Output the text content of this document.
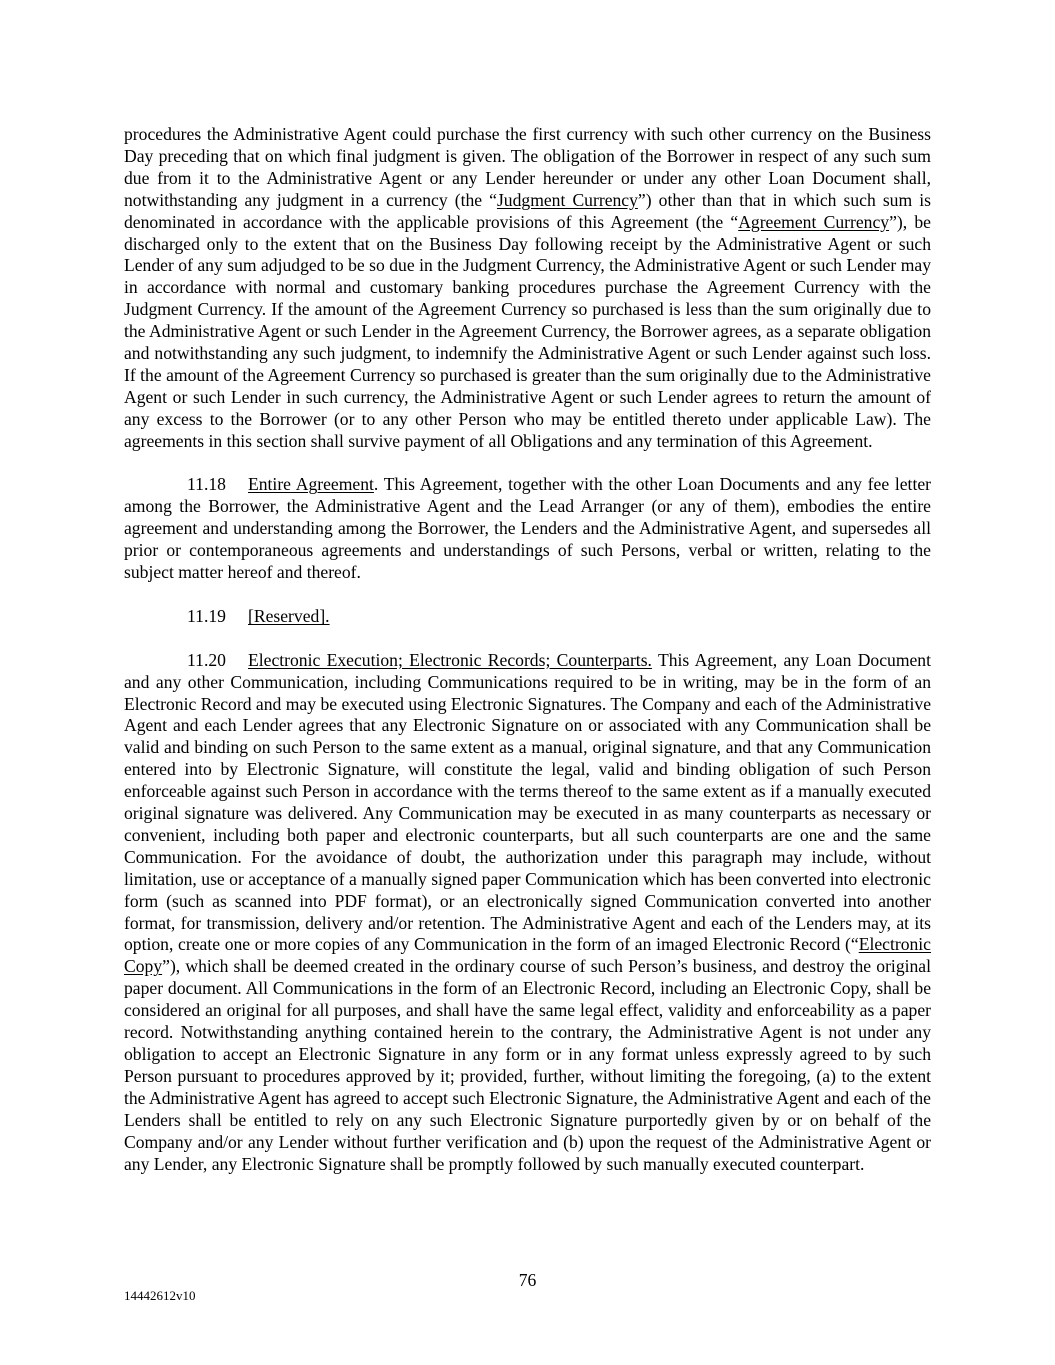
procedures the Administrative Agent could purchase the first currency with such other currency on the Business Day preceding that on which final judgment is given. The obligation of the Borrower in respect of any such sum due from it to the Administrative Agent or any Lender hereunder or under any other Loan Document shall, notwithstanding any judgment in a currency (the “Judgment Currency”) other than that in which such sum is denominated in accordance with the applicable provisions of this Agreement (the “Agreement Currency”), be discharged only to the extent that on the Business Day following receipt by the Administrative Agent or such Lender of any sum adjudged to be so due in the Judgment Currency, the Administrative Agent or such Lender may in accordance with normal and customary banking procedures purchase the Agreement Currency with the Judgment Currency. If the amount of the Agreement Currency so purchased is less than the sum originally due to the Administrative Agent or such Lender in the Agreement Currency, the Borrower agrees, as a separate obligation and notwithstanding any such judgment, to indemnify the Administrative Agent or such Lender against such loss. If the amount of the Agreement Currency so purchased is greater than the sum originally due to the Administrative Agent or such Lender in such currency, the Administrative Agent or such Lender agrees to return the amount of any excess to the Borrower (or to any other Person who may be entitled thereto under applicable Law). The agreements in this section shall survive payment of all Obligations and any termination of this Agreement.

11.18 Entire Agreement. This Agreement, together with the other Loan Documents and any fee letter among the Borrower, the Administrative Agent and the Lead Arranger (or any of them), embodies the entire agreement and understanding among the Borrower, the Lenders and the Administrative Agent, and supersedes all prior or contemporaneous agreements and understandings of such Persons, verbal or written, relating to the subject matter hereof and thereof.

11.19 [Reserved].

11.20 Electronic Execution; Electronic Records; Counterparts. This Agreement, any Loan Document and any other Communication, including Communications required to be in writing, may be in the form of an Electronic Record and may be executed using Electronic Signatures. The Company and each of the Administrative Agent and each Lender agrees that any Electronic Signature on or associated with any Communication shall be valid and binding on such Person to the same extent as a manual, original signature, and that any Communication entered into by Electronic Signature, will constitute the legal, valid and binding obligation of such Person enforceable against such Person in accordance with the terms thereof to the same extent as if a manually executed original signature was delivered. Any Communication may be executed in as many counterparts as necessary or convenient, including both paper and electronic counterparts, but all such counterparts are one and the same Communication. For the avoidance of doubt, the authorization under this paragraph may include, without limitation, use or acceptance of a manually signed paper Communication which has been converted into electronic form (such as scanned into PDF format), or an electronically signed Communication converted into another format, for transmission, delivery and/or retention. The Administrative Agent and each of the Lenders may, at its option, create one or more copies of any Communication in the form of an imaged Electronic Record (“Electronic Copy”), which shall be deemed created in the ordinary course of such Person’s business, and destroy the original paper document. All Communications in the form of an Electronic Record, including an Electronic Copy, shall be considered an original for all purposes, and shall have the same legal effect, validity and enforceability as a paper record. Notwithstanding anything contained herein to the contrary, the Administrative Agent is not under any obligation to accept an Electronic Signature in any form or in any format unless expressly agreed to by such Person pursuant to procedures approved by it; provided, further, without limiting the foregoing, (a) to the extent the Administrative Agent has agreed to accept such Electronic Signature, the Administrative Agent and each of the Lenders shall be entitled to rely on any such Electronic Signature purportedly given by or on behalf of the Company and/or any Lender without further verification and (b) upon the request of the Administrative Agent or any Lender, any Electronic Signature shall be promptly followed by such manually executed counterpart.

76
14442612v10
